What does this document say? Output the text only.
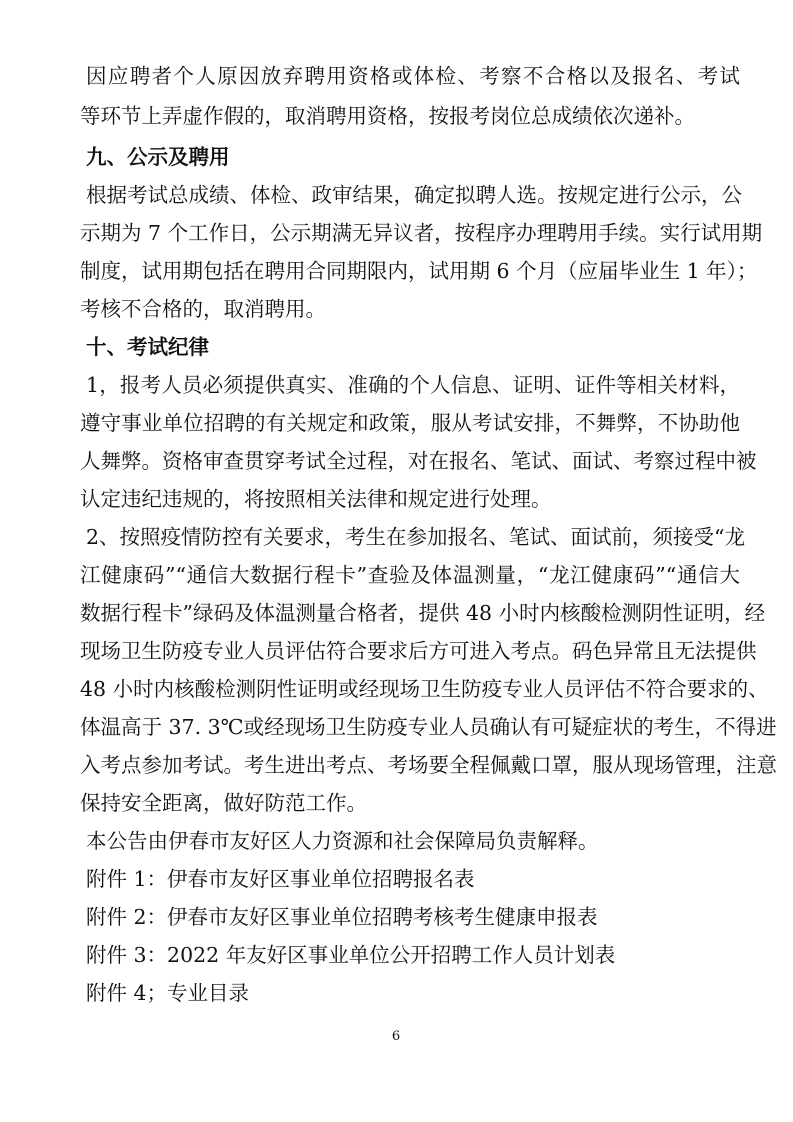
因应聘者个人原因放弃聘用资格或体检、考察不合格以及报名、考试
等环节上弄虚作假的，取消聘用资格，按报考岗位总成绩依次递补。
九、公示及聘用
根据考试总成绩、体检、政审结果，确定拟聘人选。按规定进行公示，公
示期为 7 个工作日，公示期满无异议者，按程序办理聘用手续。实行试用期
制度，试用期包括在聘用合同期限内，试用期 6 个月（应届毕业生 1 年）；
考核不合格的，取消聘用。
十、考试纪律
1，报考人员必须提供真实、准确的个人信息、证明、证件等相关材料，
遵守事业单位招聘的有关规定和政策，服从考试安排，不舞弊，不协助他
人舞弊。资格审查贯穿考试全过程，对在报名、笔试、面试、考察过程中被
认定违纪违规的，将按照相关法律和规定进行处理。
2、按照疫情防控有关要求，考生在参加报名、笔试、面试前，须接受“龙
江健康码”“通信大数据行程卡”查验及体温测量，“龙江健康码”“通信大
数据行程卡”绿码及体温测量合格者，提供 48 小时内核酸检测阴性证明，经
现场卫生防疫专业人员评估符合要求后方可进入考点。码色异常且无法提供
48 小时内核酸检测阴性证明或经现场卫生防疫专业人员评估不符合要求的、
体温高于 37. 3℃或经现场卫生防疫专业人员确认有可疑症状的考生，不得进
入考点参加考试。考生进出考点、考场要全程佩戴口罩，服从现场管理，注意
保持安全距离，做好防范工作。
本公告由伊春市友好区人力资源和社会保障局负责解释。
附件 1：伊春市友好区事业单位招聘报名表
附件 2：伊春市友好区事业单位招聘考核考生健康申报表
附件 3：2022 年友好区事业单位公开招聘工作人员计划表
附件 4；专业目录
6
